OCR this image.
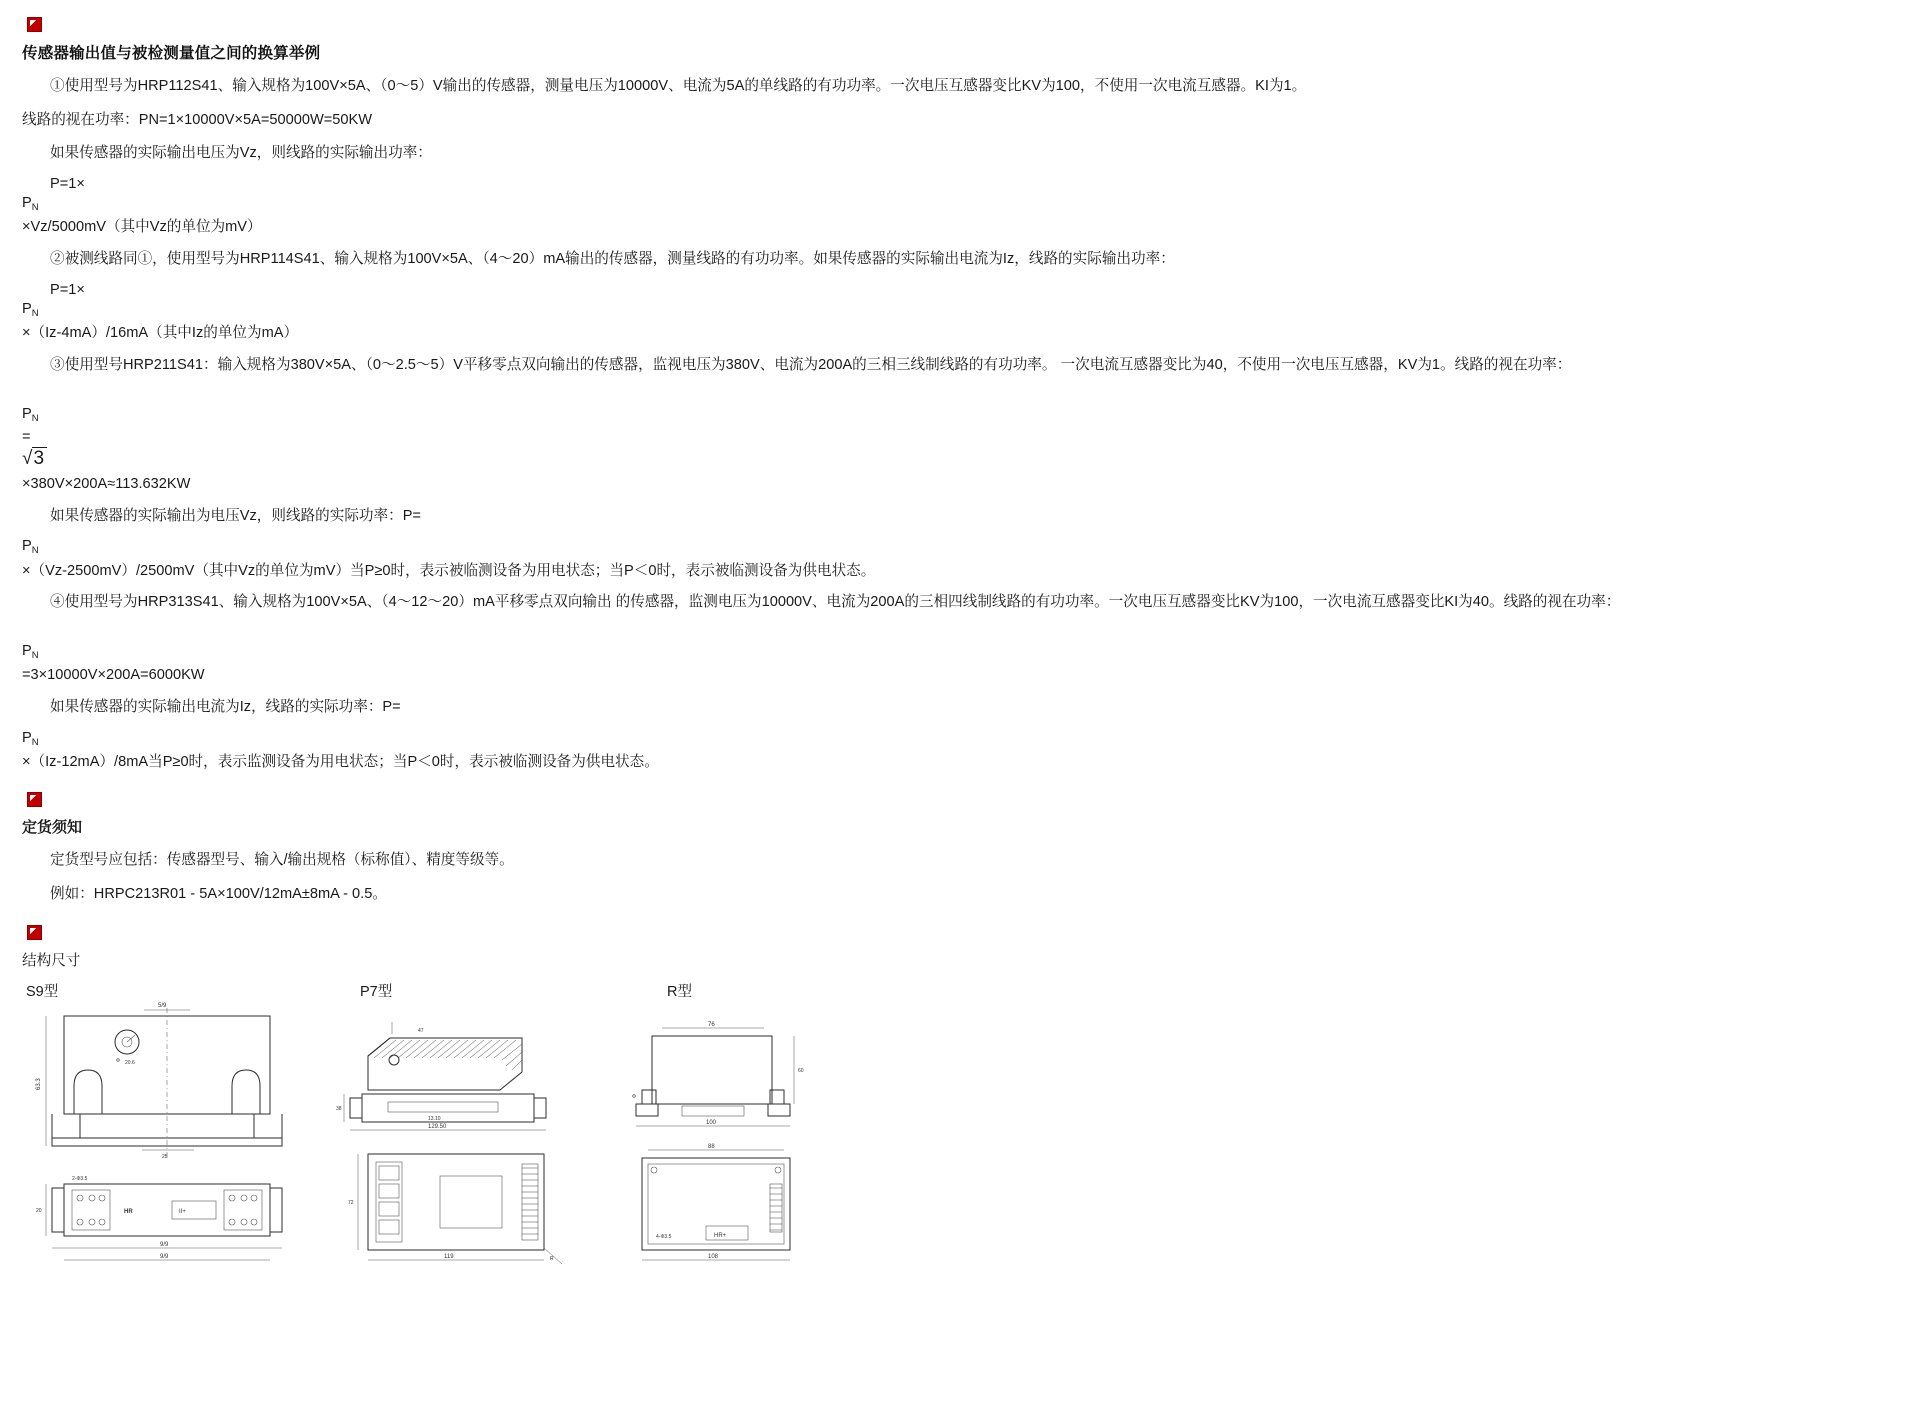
传感器输出值与被检测量值之间的换算举例

①使用型号为HRP112S41、输入规格为100V×5A、（0～5）V输出的传感器，测量电压为10000V、电流为5A的单线路的有功功率。一次电压互感器变比KV为100，不使用一次电流互感器。KI为1。

线路的视在功率：PN=1×10000V×5A=50000W=50KW

如果传感器的实际输出电压为Vz，则线路的实际输出功率：

P=1×

$P_N$

×Vz/5000mV（其中Vz的单位为mV）

②被测线路同①，使用型号为HRP114S41、输入规格为100V×5A、（4～20）mA输出的传感器，测量线路的有功功率。如果传感器的实际输出电流为Iz，线路的实际输出功率：

P=1×

$P_N$

×（Iz-4mA）/16mA（其中Iz的单位为mA）

③使用型号HRP211S41：输入规格为380V×5A、（0～2.5～5）V平移零点双向输出的传感器，监视电压为380V、电流为200A的三相三线制线路的有功功率。 一次电流互感器变比为40，不使用一次电压互感器，KV为1。线路的视在功率：

$P_N$

=

√3

×380V×200A≈113.632KW

如果传感器的实际输出为电压Vz，则线路的实际功率：P=

$P_N$

×（Vz-2500mV）/2500mV（其中Vz的单位为mV）当P≥0时，表示被临测设备为用电状态；当P＜0时，表示被临测设备为供电状态。

④使用型号为HRP313S41、输入规格为100V×5A、（4～12～20）mA平移零点双向输出 的传感器，监测电压为10000V、电流为200A的三相四线制线路的有功功率。一次电压互感器变比KV为100，一次电流互感器变比KI为40。线路的视在功率：

$P_N$

=3×10000V×200A=6000KW

如果传感器的实际输出电流为Iz，线路的实际功率：P=

$P_N$

×（Iz-12mA）/8mA当P≥0时，表示监测设备为用电状态；当P＜0时，表示被临测设备为供电状态。

定货须知

定货型号应包括：传感器型号、输入/输出规格（标称值）、精度等级等。

例如：HRPC213R01 - 5A×100V/12mA±8mA - 0.5。

结构尺寸

S9型	P7型	R型
Φ 20.6
5/9
63.3
25
II+
HR
20
9/9
9/9
2-Φ3.5
47
13.10
129.50
38
R
72
119
76
60
100
Φ
HR+
4-Φ3.5
88
108
